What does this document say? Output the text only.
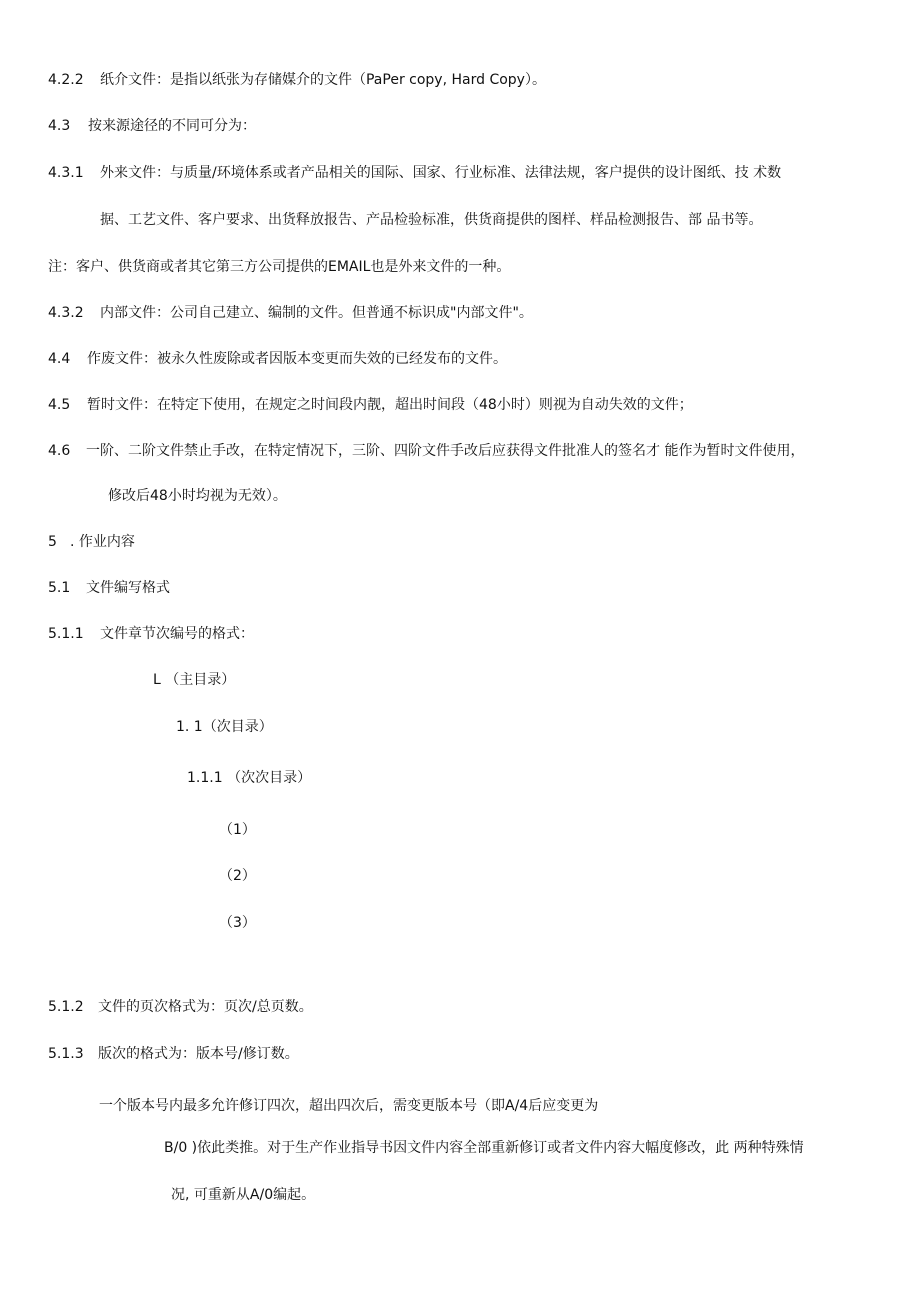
4.2.2 纸介文件：是指以纸张为存储媒介的文件（PaPer copy, Hard Copy）。
4.3 按来源途径的不同可分为：
4.3.1 外来文件：与质量/环境体系或者产品相关的国际、国家、行业标准、法律法规，客户提供的设计图纸、技 术数
据、工艺文件、客户要求、出货释放报告、产品检验标准，供货商提供的图样、样品检测报告、部 品书等。
注：客户、供货商或者其它第三方公司提供的EMAIL也是外来文件的一种。
4.3.2 内部文件：公司自己建立、编制的文件。但普通不标识成"内部文件"。
4.4 作废文件：被永久性废除或者因版本变更而失效的已经发布的文件。
4.5 暂时文件：在特定下使用，在规定之时间段内靓，超出时间段（48小时）则视为自动失效的文件；
4.6 一阶、二阶文件禁止手改，在特定情况下，三阶、四阶文件手改后应获得文件批准人的签名才 能作为暂时文件使用，
修改后48小时均视为无效）。
5 . 作业内容
5.1 文件编写格式
5.1.1 文件章节次编号的格式：
L （主目录）
1. 1（次目录）
1.1.1 （次次目录）
（1）
（2）
（3）
5.1.2 文件的页次格式为：页次/总页数。
5.1.3 版次的格式为：版本号/修订数。
一个版本号内最多允许修订四次，超出四次后，需变更版本号（即A/4后应变更为
B/0 )依此类推。对于生产作业指导书因文件内容全部重新修订或者文件内容大幅度修改，此 两种特殊情
况, 可重新从A/0编起。
